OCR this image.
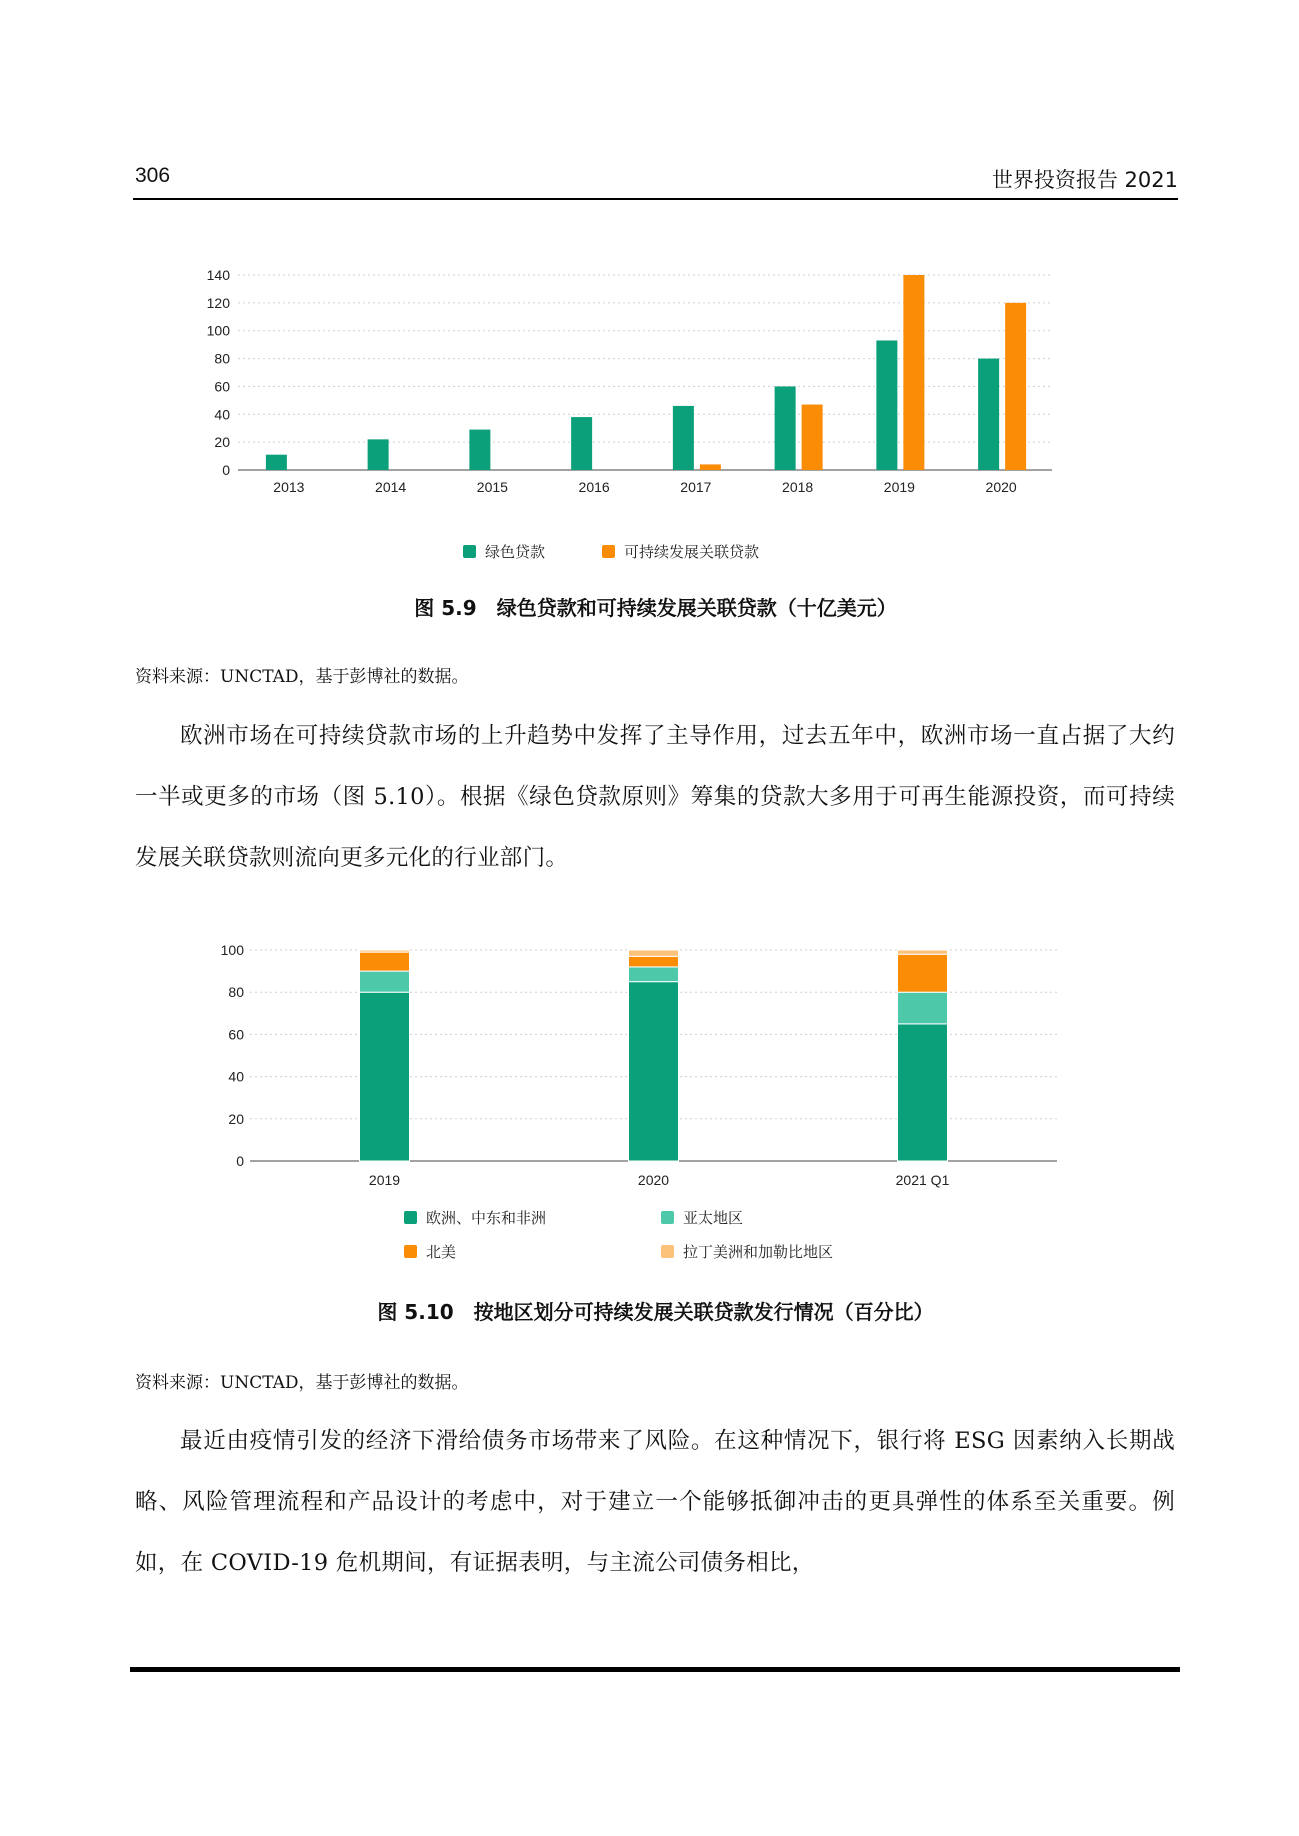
306	世界投资报告 2021
0
20
40
60
80
100
120
140
2013	2014	2015	2016	2017	2018	2019	2020
绿色贷款	可持续发展关联贷款
图 5.9　绿色贷款和可持续发展关联贷款（十亿美元）
资料来源：UNCTAD，基于彭博社的数据。

欧洲市场在可持续贷款市场的上升趋势中发挥了主导作用，过去五年中，欧洲市场一直占据了大约一半或更多的市场（图 5.10）。根据《绿色贷款原则》筹集的贷款大多用于可再生能源投资，而可持续发展关联贷款则流向更多元化的行业部门。

0
20
40
60
80
100
2019	2020	2021 Q1
欧洲、中东和非洲	亚太地区
北美	拉丁美洲和加勒比地区
图 5.10　按地区划分可持续发展关联贷款发行情况（百分比）
资料来源：UNCTAD，基于彭博社的数据。

最近由疫情引发的经济下滑给债务市场带来了风险。在这种情况下，银行将 ESG 因素纳入长期战略、风险管理流程和产品设计的考虑中，对于建立一个能够抵御冲击的更具弹性的体系至关重要。例如，在 COVID-19 危机期间，有证据表明，与主流公司债务相比，
